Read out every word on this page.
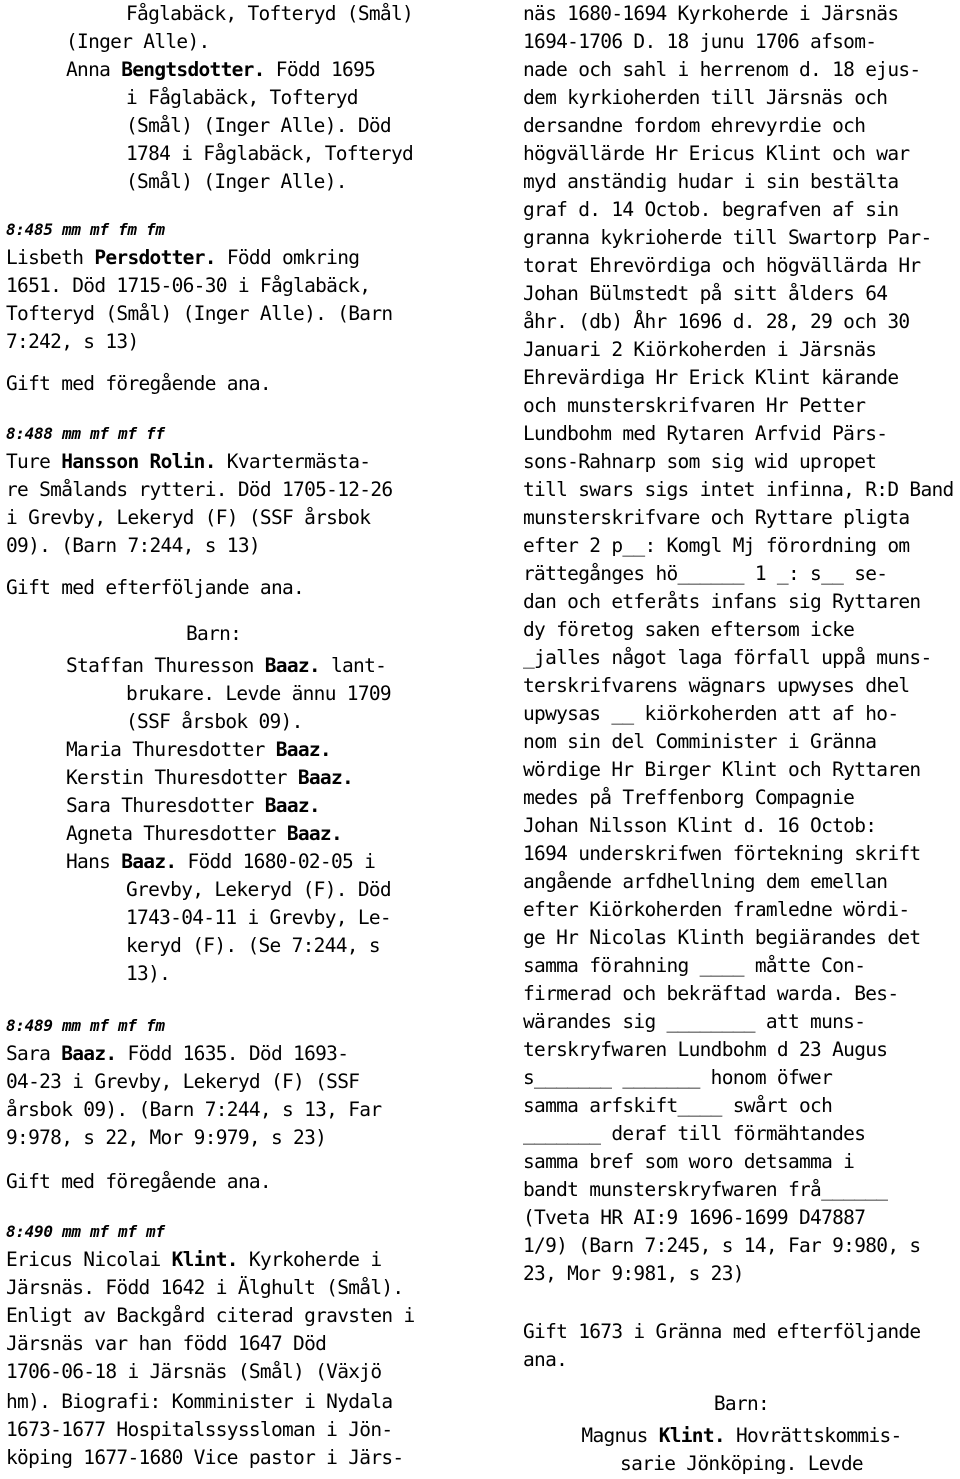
Fåglabäck, Tofteryd (Smål)
(Inger Alle).
Anna Bengtsdotter. Född 1695
i Fåglabäck, Tofteryd
(Smål) (Inger Alle). Död
1784 i Fåglabäck, Tofteryd
(Smål) (Inger Alle).
8:485 mm mf fm fm
Lisbeth Persdotter. Född omkring
1651. Död 1715-06-30 i Fåglabäck,
Tofteryd (Smål) (Inger Alle). (Barn
7:242, s 13)
Gift med föregående ana.
8:488 mm mf mf ff
Ture Hansson Rolin. Kvartermästa-
re Smålands rytteri. Död 1705-12-26
i Grevby, Lekeryd (F) (SSF årsbok
09). (Barn 7:244, s 13)
Gift med efterföljande ana.
Barn:
Staffan Thuresson Baaz. lant-
brukare. Levde ännu 1709
(SSF årsbok 09).
Maria Thuresdotter Baaz.
Kerstin Thuresdotter Baaz.
Sara Thuresdotter Baaz.
Agneta Thuresdotter Baaz.
Hans Baaz. Född 1680-02-05 i
Grevby, Lekeryd (F). Död
1743-04-11 i Grevby, Le-
keryd (F). (Se 7:244, s
13).
8:489 mm mf mf fm
Sara Baaz. Född 1635. Död 1693-
04-23 i Grevby, Lekeryd (F) (SSF
årsbok 09). (Barn 7:244, s 13, Far
9:978, s 22, Mor 9:979, s 23)
Gift med föregående ana.
8:490 mm mf mf mf
Ericus Nicolai Klint. Kyrkoherde i
Järsnäs. Född 1642 i Älghult (Smål).
Enligt av Backgård citerad gravsten i
Järsnäs var han född 1647 Död
1706-06-18 i Järsnäs (Smål) (Växjö
hm). Biografi: Komminister i Nydala
1673-1677 Hospitalssyssloman i Jön-
köping 1677-1680 Vice pastor i Järs-
näs 1680-1694 Kyrkoherde i Järsnäs
1694-1706 D. 18 junu 1706 afsom-
nade och sahl i herrenom d. 18 ejus-
dem kyrkioherden till Järsnäs och
dersandne fordom ehrevyrdie och
högvällärde Hr Ericus Klint och war
myd anständig hudar i sin bestälta
graf d. 14 Octob. begrafven af sin
granna kykrioherde till Swartorp Par-
torat Ehrevördiga och högvällärda Hr
Johan Bülmstedt på sitt ålders 64
åhr. (db) Åhr 1696 d. 28, 29 och 30
Januari 2 Kiörkoherden i Järsnäs
Ehrevärdiga Hr Erick Klint kärande
och munsterskrifvaren Hr Petter
Lundbohm med Rytaren Arfvid Pärs-
sons-Rahnarp som sig wid upropet
till swars sigs intet infinna, R:D Band
munsterskrifvare och Ryttare pligta
efter 2 p__: Komgl Mj förordning om
rättegånges hö______ 1 _: s__ se-
dan och etferåts infans sig Ryttaren
dy företog saken eftersom icke
_jalles något laga förfall uppå muns-
terskrifvarens wägnars upwyses dhel
upwysas __ kiörkoherden att af ho-
nom sin del Comminister i Gränna
wördige Hr Birger Klint och Ryttaren
medes på Treffenborg Compagnie
Johan Nilsson Klint d. 16 Octob:
1694 underskrifwen förtekning skrift
angående arfdhellning dem emellan
efter Kiörkoherden framledne wördi-
ge Hr Nicolas Klinth begiärandes det
samma förahning ____ måtte Con-
firmerad och bekräftad warda. Bes-
wärandes sig ________ att muns-
terskryfwaren Lundbohm d 23 Augus
s_______ _______ honom öfwer
samma arfskift____ swårt och
_______ deraf till förmähtandes
samma bref som woro detsamma i
bandt munsterskryfwaren frå______
(Tveta HR AI:9 1696-1699 D47887
1/9) (Barn 7:245, s 14, Far 9:980, s
23, Mor 9:981, s 23)
Gift 1673 i Gränna med efterföljande
ana.
Barn:
Magnus Klint. Hovrättskommis-
sarie Jönköping. Levde
